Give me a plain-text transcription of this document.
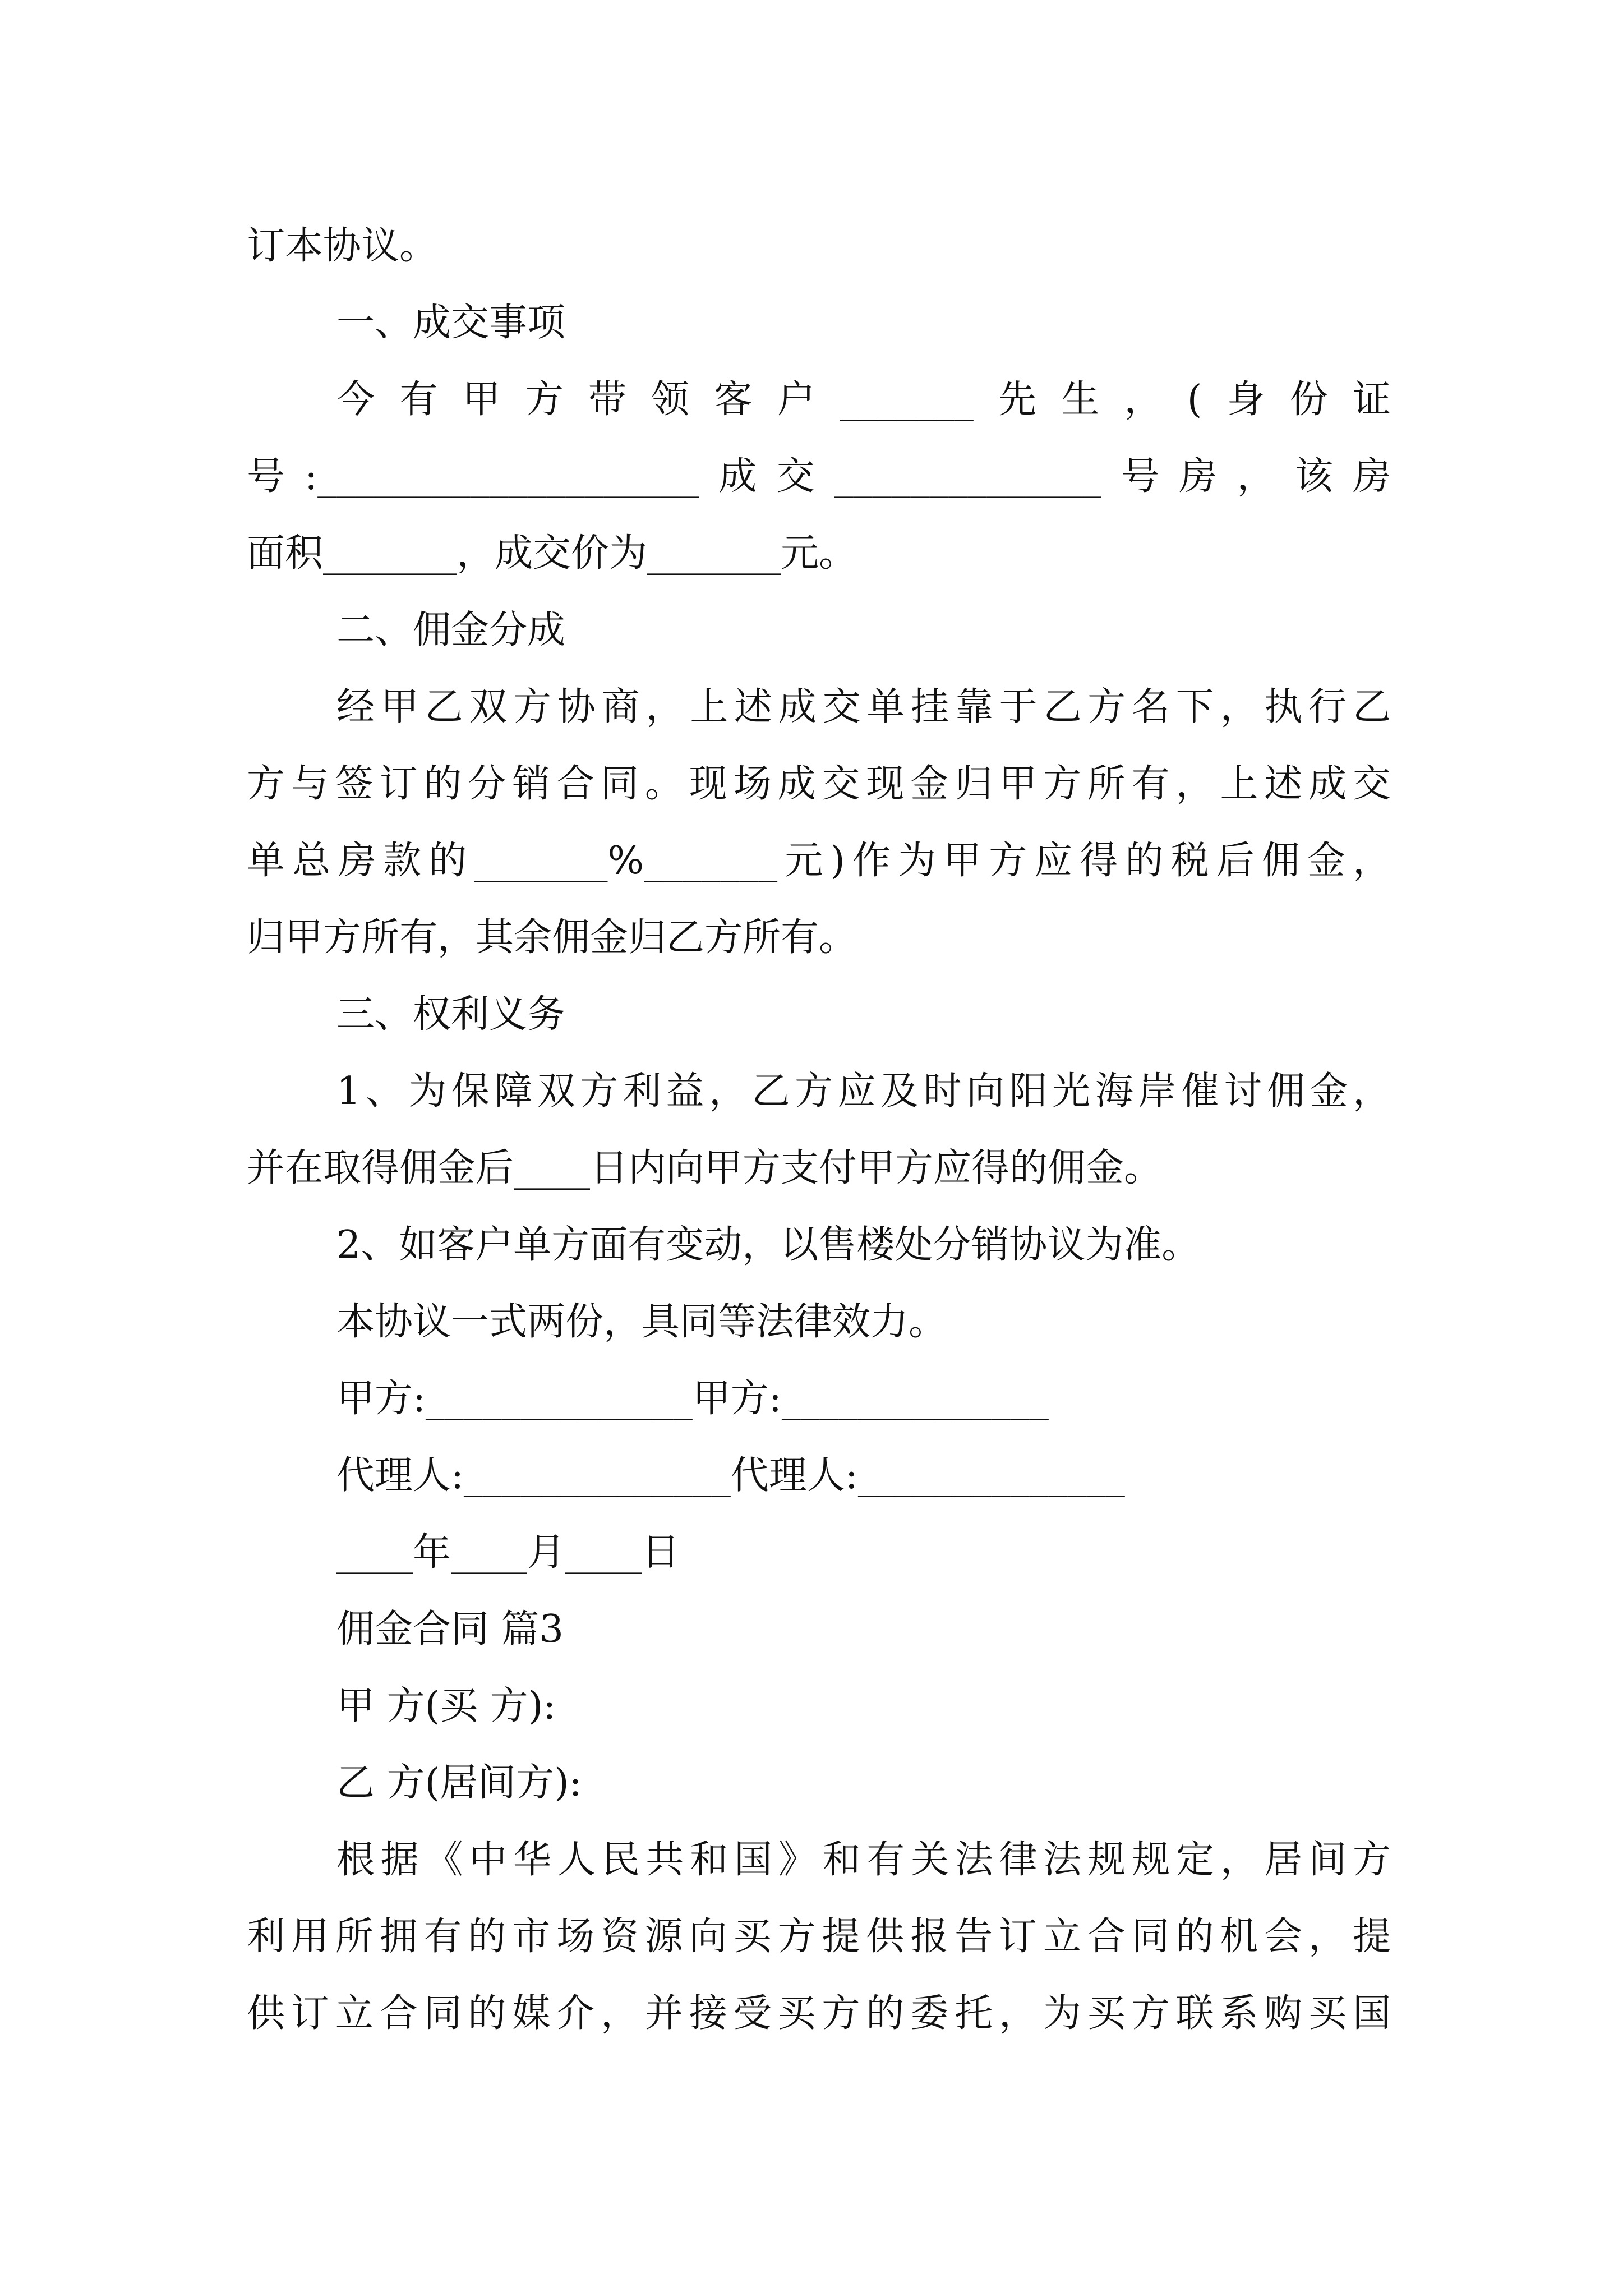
订本协议。
一、成交事项
今有甲方带领客户_______先生，(身份证
号:____________________成交______________号房，该房
面积_______，成交价为_______元。
二、佣金分成
经甲乙双方协商，上述成交单挂靠于乙方名下，执行乙
方与签订的分销合同。现场成交现金归甲方所有，上述成交
单总房款的_______%_______元)作为甲方应得的税后佣金，
归甲方所有，其余佣金归乙方所有。
三、权利义务
1、为保障双方利益，乙方应及时向阳光海岸催讨佣金，
并在取得佣金后____日内向甲方支付甲方应得的佣金。
2、如客户单方面有变动，以售楼处分销协议为准。
本协议一式两份，具同等法律效力。
甲方:______________甲方:______________
代理人:______________代理人:______________
____年____月____日
佣金合同 篇3
甲 方(买 方):
乙 方(居间方):
根据《中华人民共和国》和有关法律法规规定，居间方
利用所拥有的市场资源向买方提供报告订立合同的机会，提
供订立合同的媒介，并接受买方的委托，为买方联系购买国
